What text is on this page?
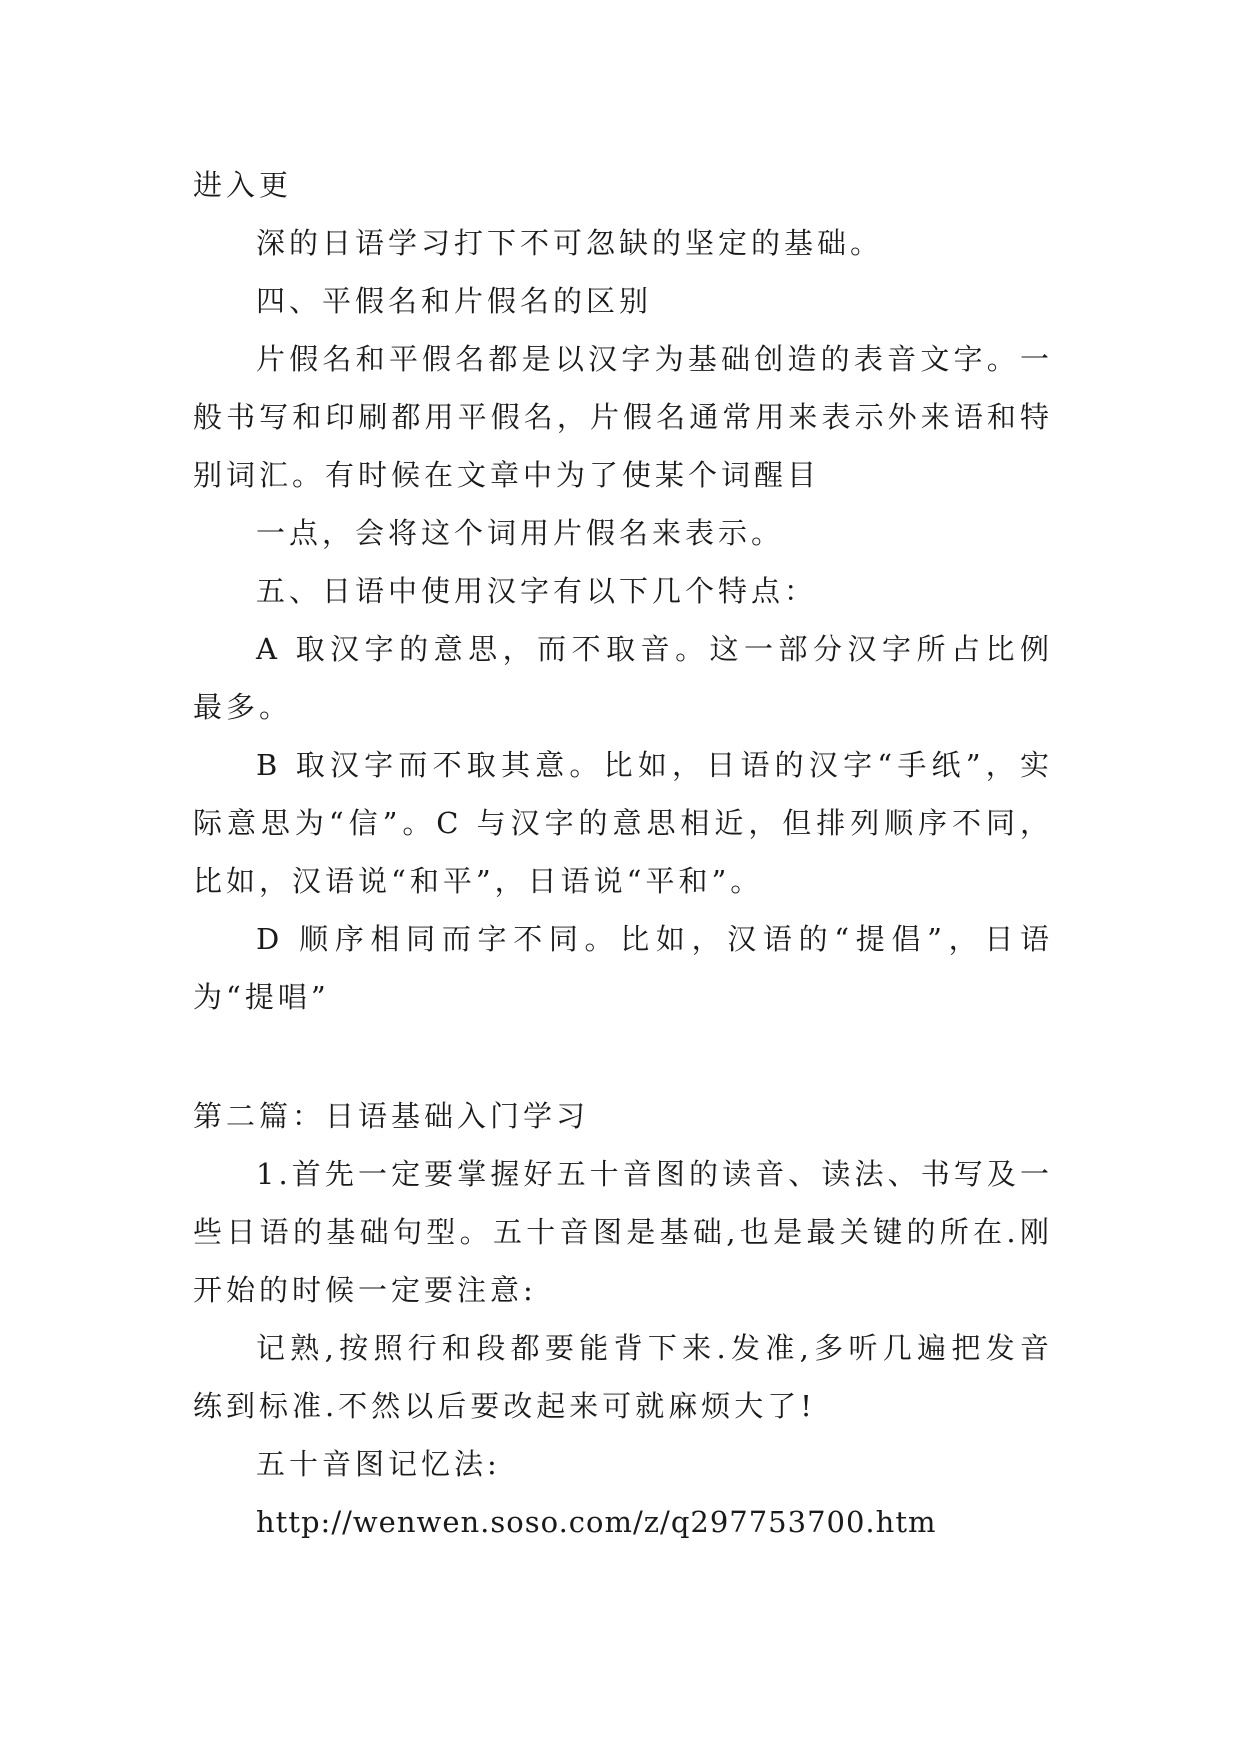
进入更

深的日语学习打下不可忽缺的坚定的基础。

四、平假名和片假名的区别

片假名和平假名都是以汉字为基础创造的表音文字。一般书写和印刷都用平假名，片假名通常用来表示外来语和特别词汇。有时候在文章中为了使某个词醒目

一点，会将这个词用片假名来表示。

五、日语中使用汉字有以下几个特点：

A 取汉字的意思，而不取音。这一部分汉字所占比例最多。

B 取汉字而不取其意。比如，日语的汉字“手纸”，实际意思为“信”。C 与汉字的意思相近，但排列顺序不同，比如，汉语说“和平”，日语说“平和”。

D 顺序相同而字不同。比如，汉语的“提倡”，日语为“提唱”

第二篇：日语基础入门学习

1.首先一定要掌握好五十音图的读音、读法、书写及一些日语的基础句型。五十音图是基础,也是最关键的所在.刚开始的时候一定要注意:

记熟,按照行和段都要能背下来.发准,多听几遍把发音练到标准.不然以后要改起来可就麻烦大了!

五十音图记忆法:

http://wenwen.soso.com/z/q297753700.htm
